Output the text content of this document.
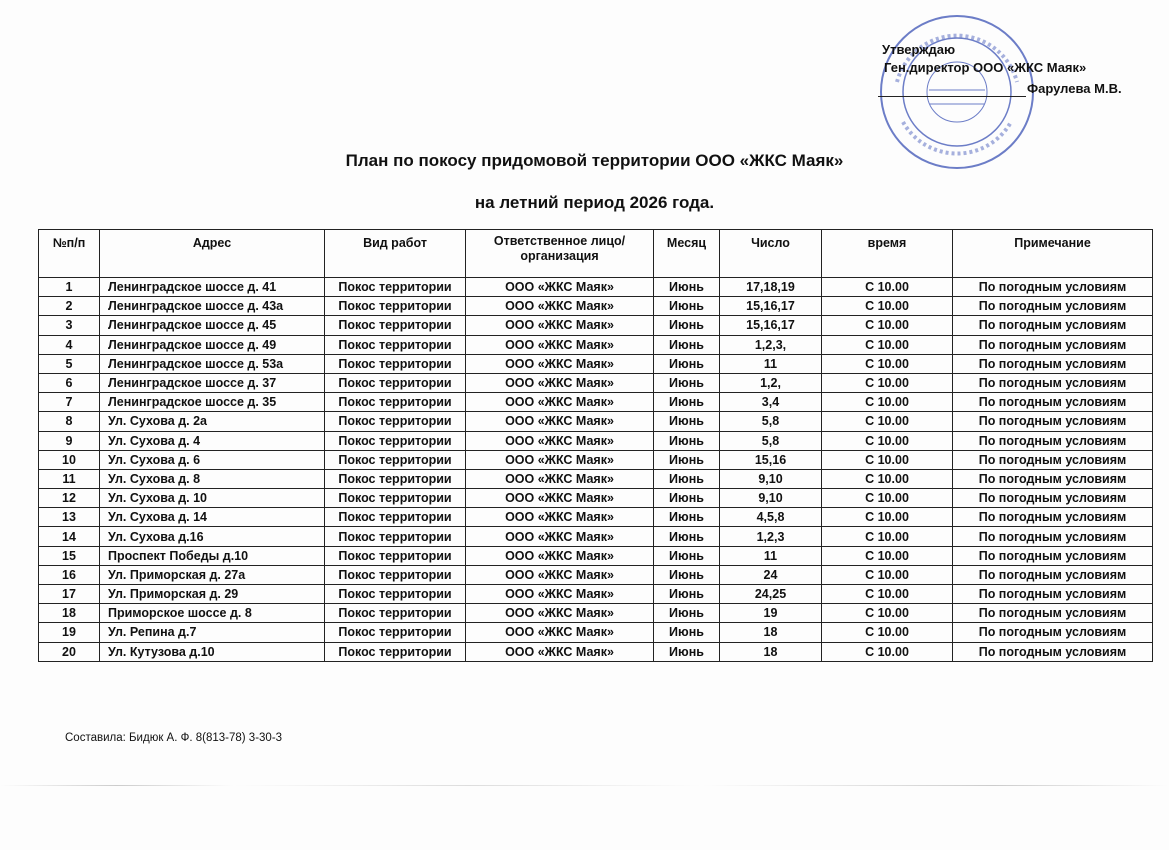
Утверждаю
Ген.директор ООО «ЖКС Маяк»
Фарулева М.В.
План по покосу придомовой территории ООО «ЖКС Маяк»
на летний период 2026 года.
№п/п	Адрес	Вид работ	Ответственное лицо/организация	Месяц	Число	время	Примечание
1	Ленинградское шоссе д. 41	Покос территории	ООО «ЖКС Маяк»	Июнь	17,18,19	С 10.00	По погодным условиям
2	Ленинградское шоссе д. 43а	Покос территории	ООО «ЖКС Маяк»	Июнь	15,16,17	С 10.00	По погодным условиям
3	Ленинградское шоссе д. 45	Покос территории	ООО «ЖКС Маяк»	Июнь	15,16,17	С 10.00	По погодным условиям
4	Ленинградское шоссе д. 49	Покос территории	ООО «ЖКС Маяк»	Июнь	1,2,3,	С 10.00	По погодным условиям
5	Ленинградское шоссе д. 53а	Покос территории	ООО «ЖКС Маяк»	Июнь	11	С 10.00	По погодным условиям
6	Ленинградское шоссе д. 37	Покос территории	ООО «ЖКС Маяк»	Июнь	1,2,	С 10.00	По погодным условиям
7	Ленинградское шоссе д. 35	Покос территории	ООО «ЖКС Маяк»	Июнь	3,4	С 10.00	По погодным условиям
8	Ул. Сухова д. 2а	Покос территории	ООО «ЖКС Маяк»	Июнь	5,8	С 10.00	По погодным условиям
9	Ул. Сухова д. 4	Покос территории	ООО «ЖКС Маяк»	Июнь	5,8	С 10.00	По погодным условиям
10	Ул. Сухова д. 6	Покос территории	ООО «ЖКС Маяк»	Июнь	15,16	С 10.00	По погодным условиям
11	Ул. Сухова д. 8	Покос территории	ООО «ЖКС Маяк»	Июнь	9,10	С 10.00	По погодным условиям
12	Ул. Сухова д. 10	Покос территории	ООО «ЖКС Маяк»	Июнь	9,10	С 10.00	По погодным условиям
13	Ул. Сухова д. 14	Покос территории	ООО «ЖКС Маяк»	Июнь	4,5,8	С 10.00	По погодным условиям
14	Ул. Сухова д.16	Покос территории	ООО «ЖКС Маяк»	Июнь	1,2,3	С 10.00	По погодным условиям
15	Проспект Победы д.10	Покос территории	ООО «ЖКС Маяк»	Июнь	11	С 10.00	По погодным условиям
16	Ул. Приморская д. 27а	Покос территории	ООО «ЖКС Маяк»	Июнь	24	С 10.00	По погодным условиям
17	Ул. Приморская д. 29	Покос территории	ООО «ЖКС Маяк»	Июнь	24,25	С 10.00	По погодным условиям
18	Приморское шоссе д. 8	Покос территории	ООО «ЖКС Маяк»	Июнь	19	С 10.00	По погодным условиям
19	Ул. Репина д.7	Покос территории	ООО «ЖКС Маяк»	Июнь	18	С 10.00	По погодным условиям
20	Ул. Кутузова д.10	Покос территории	ООО «ЖКС Маяк»	Июнь	18	С 10.00	По погодным условиям
Составила: Бидюк А. Ф. 8(813-78) 3-30-3
